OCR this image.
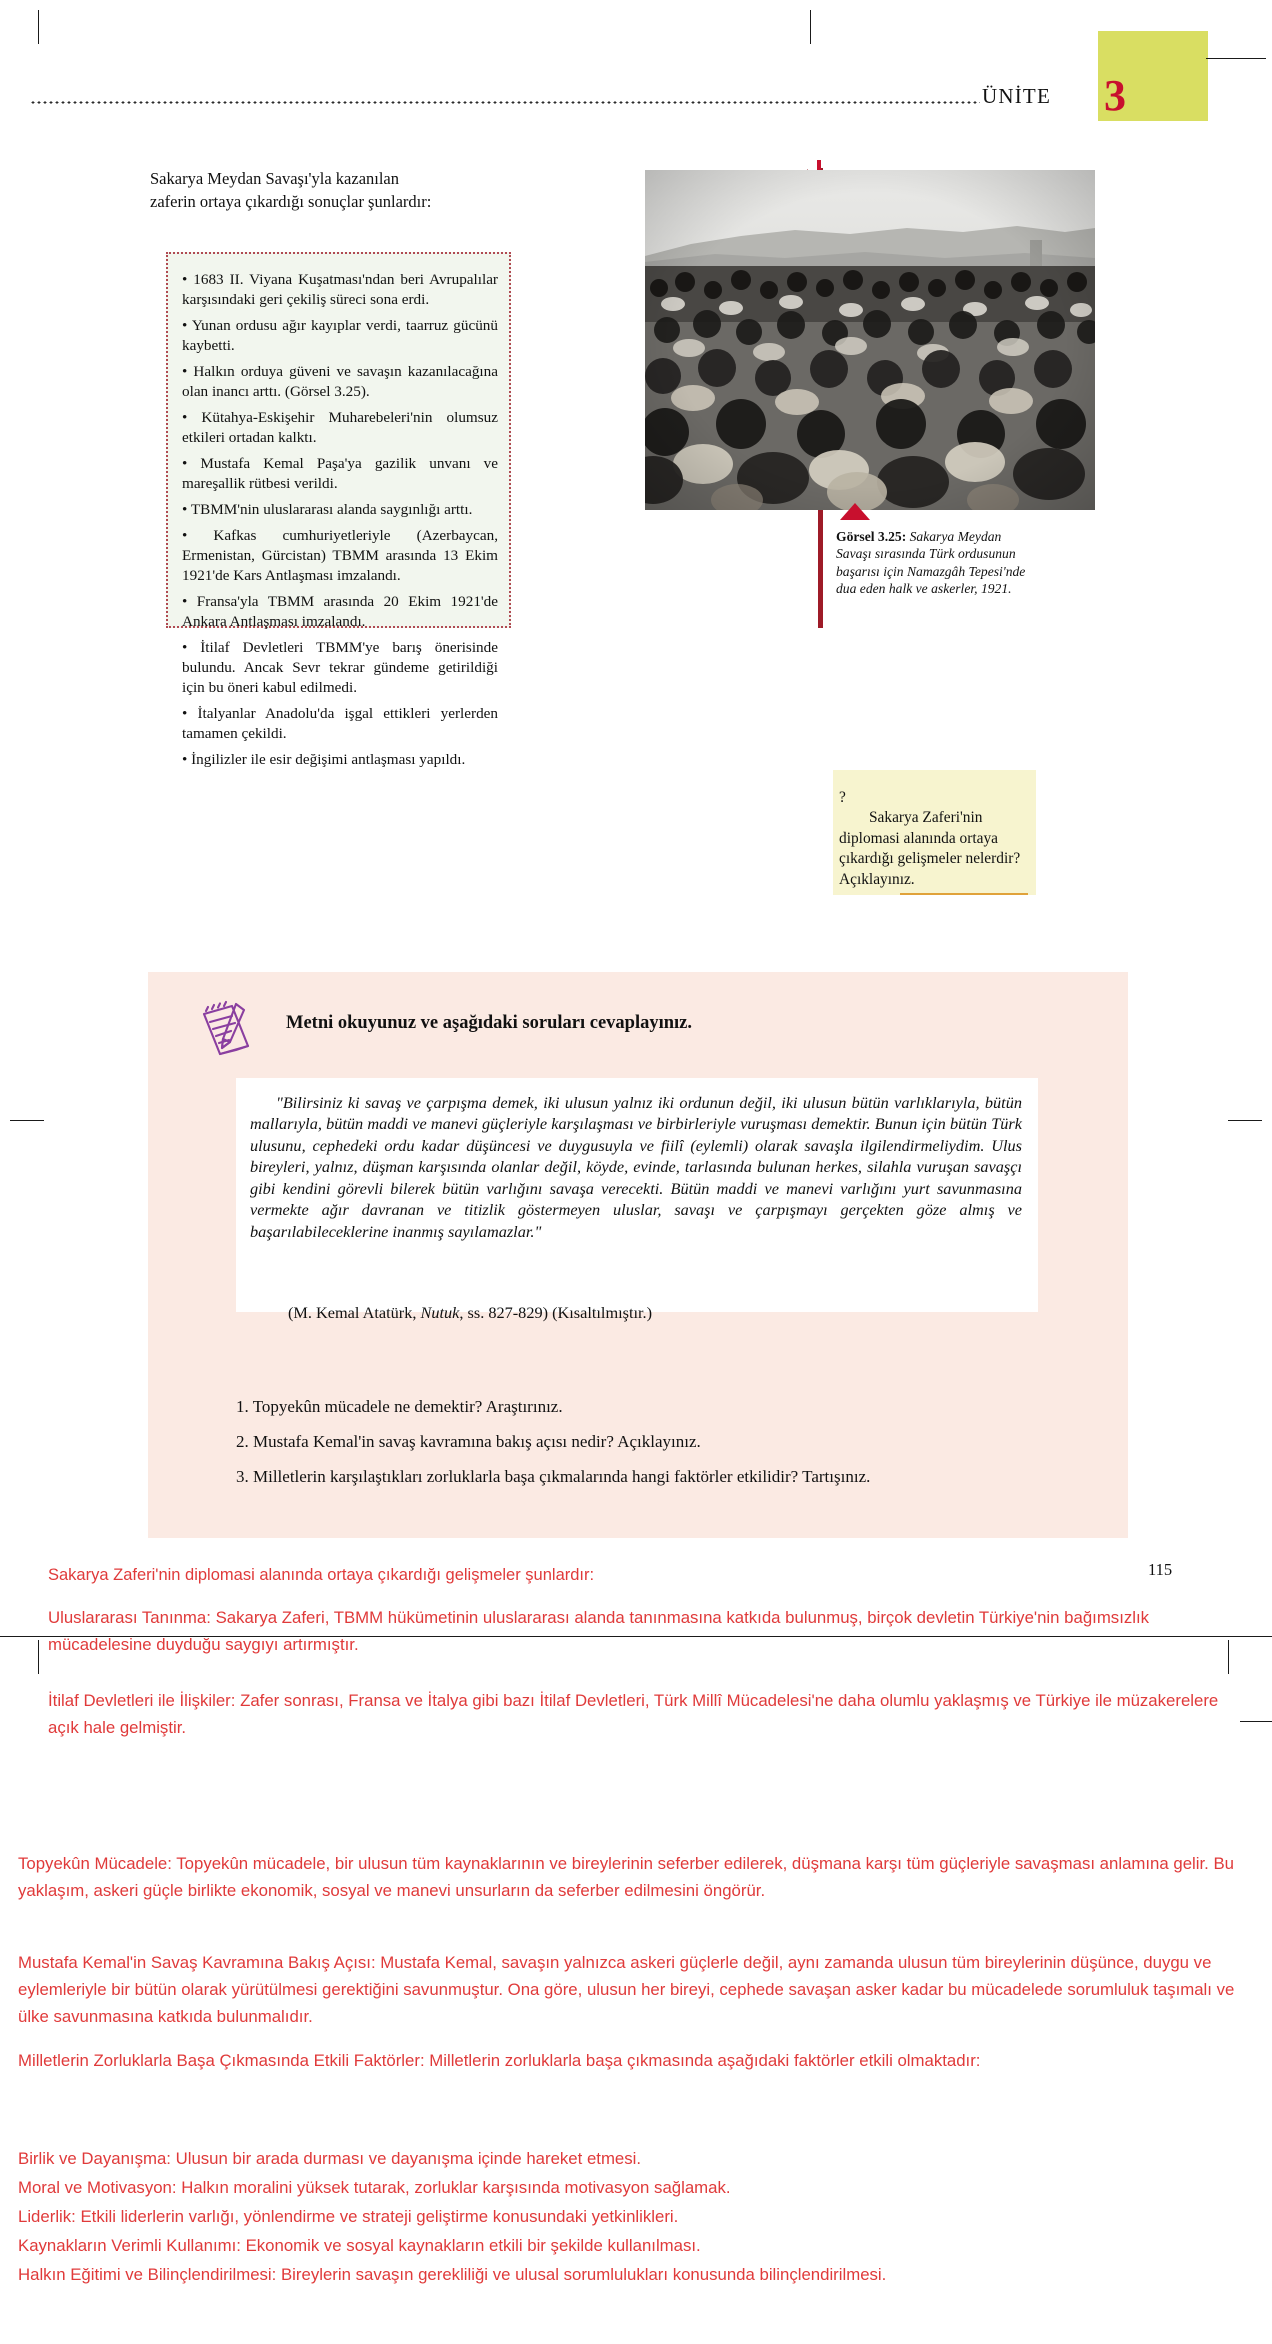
ÜNİTE 3
Sakarya Meydan Savaşı'yla kazanılan
zaferin ortaya çıkardığı sonuçlar şunlardır:

• 1683 II. Viyana Kuşatması'ndan beri Avrupalılar karşısındaki geri çekiliş süreci sona erdi.

• Yunan ordusu ağır kayıplar verdi, taarruz gücünü kaybetti.

• Halkın orduya güveni ve savaşın kazanılacağına olan inancı arttı. (Görsel 3.25).

• Kütahya-Eskişehir Muharebeleri'nin olumsuz etkileri ortadan kalktı.

• Mustafa Kemal Paşa'ya gazilik unvanı ve mareşallik rütbesi verildi.

• TBMM'nin uluslararası alanda saygınlığı arttı.

• Kafkas cumhuriyetleriyle (Azerbaycan, Ermenistan, Gürcistan) TBMM arasında 13 Ekim 1921'de Kars Antlaşması imzalandı.

• Fransa'yla TBMM arasında 20 Ekim 1921'de Ankara Antlaşması imzalandı.

• İtilaf Devletleri TBMM'ye barış önerisinde bulundu. Ancak Sevr tekrar gündeme getirildiği için bu öneri kabul edilmedi.

• İtalyanlar Anadolu'da işgal ettikleri yerlerden tamamen çekildi.

• İngilizler ile esir değişimi antlaşması yapıldı.

Görsel 3.25: Sakarya Meydan Savaşı sırasında Türk ordusunun başarısı için Namazgâh Tepesi'nde dua eden halk ve askerler, 1921.
? Sakarya Zaferi'nin diplomasi alanında ortaya çıkardığı gelişmeler nelerdir? Açıklayınız.
Metni okuyunuz ve aşağıdaki soruları cevaplayınız.
"Bilirsiniz ki savaş ve çarpışma demek, iki ulusun yalnız iki ordunun değil, iki ulusun bütün varlıklarıyla, bütün mallarıyla, bütün maddi ve manevi güçleriyle karşılaşması ve birbirleriyle vuruşması demektir. Bunun için bütün Türk ulusunu, cephedeki ordu kadar düşüncesi ve duygusuyla ve fiilî (eylemli) olarak savaşla ilgilendirmeliydim. Ulus bireyleri, yalnız, düşman karşısında olanlar değil, köyde, evinde, tarlasında bulunan herkes, silahla vuruşan savaşçı gibi kendini görevli bilerek bütün varlığını savaşa verecekti. Bütün maddi ve manevi varlığını yurt savunmasına vermekte ağır davranan ve titizlik göstermeyen uluslar, savaşı ve çarpışmayı gerçekten göze almış ve başarılabileceklerine inanmış sayılamazlar."
(M. Kemal Atatürk, Nutuk, ss. 827-829) (Kısaltılmıştır.)

1. Topyekûn mücadele ne demektir? Araştırınız.

2. Mustafa Kemal'in savaş kavramına bakış açısı nedir? Açıklayınız.

3. Milletlerin karşılaştıkları zorluklarla başa çıkmalarında hangi faktörler etkilidir? Tartışınız.

115
Sakarya Zaferi'nin diplomasi alanında ortaya çıkardığı gelişmeler şunlardır:
Uluslararası Tanınma: Sakarya Zaferi, TBMM hükümetinin uluslararası alanda tanınmasına katkıda bulunmuş, birçok devletin Türkiye'nin bağımsızlık mücadelesine duyduğu saygıyı artırmıştır.
İtilaf Devletleri ile İlişkiler: Zafer sonrası, Fransa ve İtalya gibi bazı İtilaf Devletleri, Türk Millî Mücadelesi'ne daha olumlu yaklaşmış ve Türkiye ile müzakerelere açık hale gelmiştir.
Topyekûn Mücadele: Topyekûn mücadele, bir ulusun tüm kaynaklarının ve bireylerinin seferber edilerek, düşmana karşı tüm güçleriyle savaşması anlamına gelir. Bu yaklaşım, askeri güçle birlikte ekonomik, sosyal ve manevi unsurların da seferber edilmesini öngörür.
Mustafa Kemal'in Savaş Kavramına Bakış Açısı: Mustafa Kemal, savaşın yalnızca askeri güçlerle değil, aynı zamanda ulusun tüm bireylerinin düşünce, duygu ve eylemleriyle bir bütün olarak yürütülmesi gerektiğini savunmuştur. Ona göre, ulusun her bireyi, cephede savaşan asker kadar bu mücadelede sorumluluk taşımalı ve ülke savunmasına katkıda bulunmalıdır.
Milletlerin Zorluklarla Başa Çıkmasında Etkili Faktörler: Milletlerin zorluklarla başa çıkmasında aşağıdaki faktörler etkili olmaktadır:
Birlik ve Dayanışma: Ulusun bir arada durması ve dayanışma içinde hareket etmesi.
Moral ve Motivasyon: Halkın moralini yüksek tutarak, zorluklar karşısında motivasyon sağlamak.
Liderlik: Etkili liderlerin varlığı, yönlendirme ve strateji geliştirme konusundaki yetkinlikleri.
Kaynakların Verimli Kullanımı: Ekonomik ve sosyal kaynakların etkili bir şekilde kullanılması.
Halkın Eğitimi ve Bilinçlendirilmesi: Bireylerin savaşın gerekliliği ve ulusal sorumlulukları konusunda bilinçlendirilmesi.
